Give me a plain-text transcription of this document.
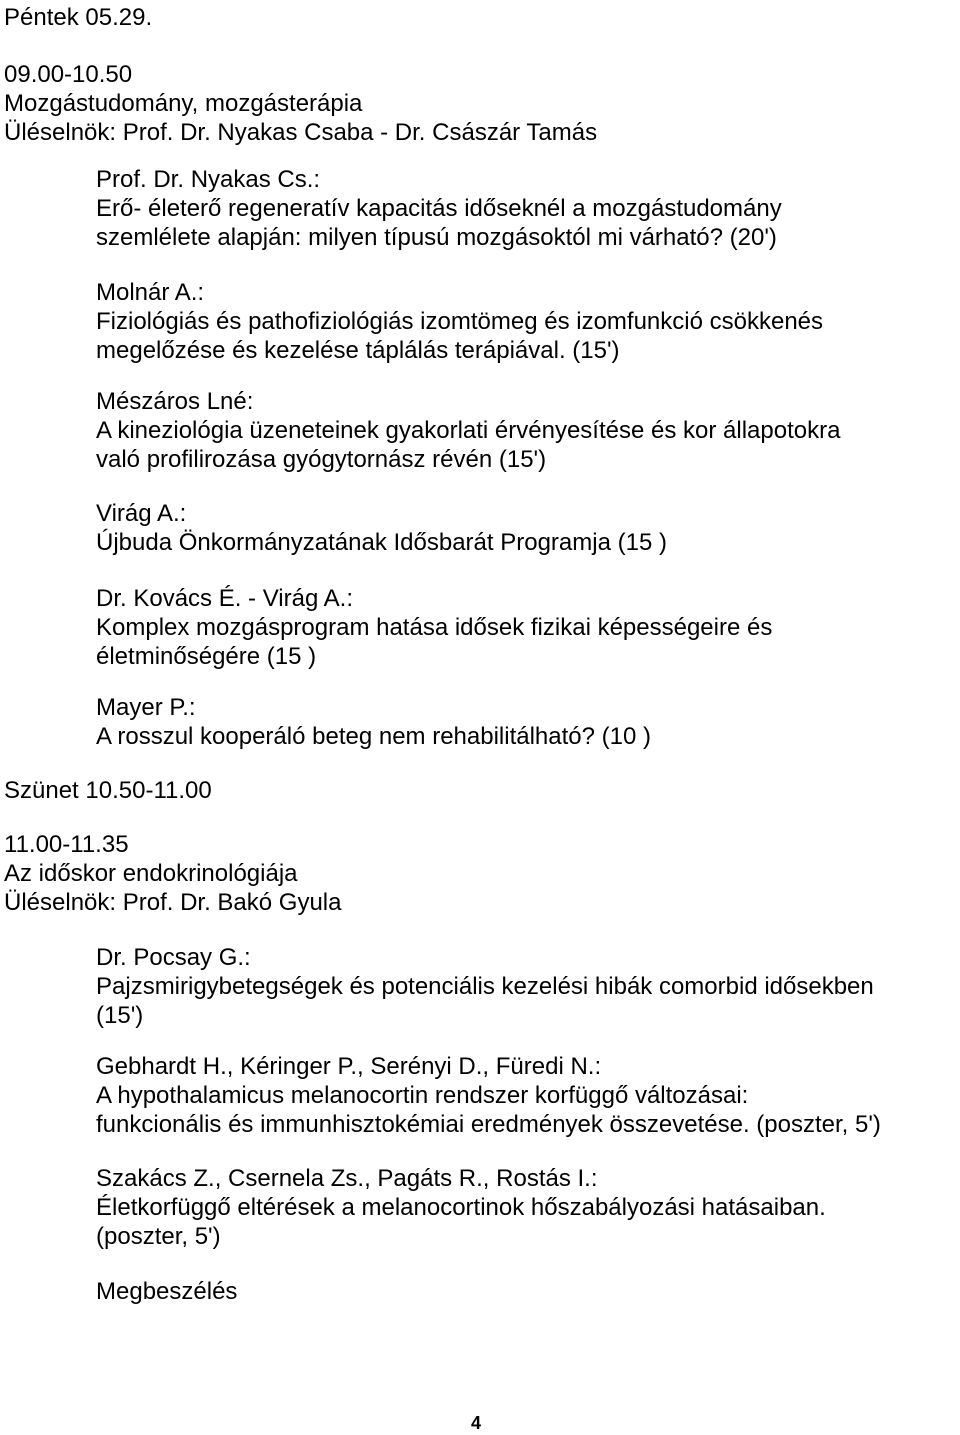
Péntek 05.29.
09.00-10.50
Mozgástudomány, mozgásterápia
Üléselnök: Prof. Dr. Nyakas Csaba - Dr. Császár Tamás
Prof. Dr. Nyakas Cs.:
Erő- életerő regeneratív kapacitás időseknél a mozgástudomány
szemlélete alapján: milyen típusú mozgásoktól mi várható? (20')
Molnár A.:
Fiziológiás és pathofiziológiás izomtömeg és izomfunkció csökkenés
megelőzése és kezelése táplálás terápiával. (15')
Mészáros Lné:
A kineziológia üzeneteinek gyakorlati érvényesítése és kor állapotokra
való profilirozása gyógytornász révén (15')
Virág A.:
Újbuda Önkormányzatának Idősbarát Programja (15 )
Dr. Kovács É. - Virág A.:
Komplex mozgásprogram hatása idősek fizikai képességeire és
életminőségére (15 )
Mayer P.:
A rosszul kooperáló beteg nem rehabilitálható? (10 )
Szünet 10.50-11.00
11.00-11.35
Az időskor endokrinológiája
Üléselnök: Prof. Dr. Bakó Gyula
Dr. Pocsay G.:
Pajzsmirigybetegségek és potenciális kezelési hibák comorbid idősekben
(15')
Gebhardt H., Kéringer P., Serényi D., Füredi N.:
A hypothalamicus melanocortin rendszer korfüggő változásai:
funkcionális és immunhisztokémiai eredmények összevetése. (poszter, 5')
Szakács Z., Csernela Zs., Pagáts R., Rostás I.:
Életkorfüggő eltérések a melanocortinok hőszabályozási hatásaiban.
(poszter, 5')
Megbeszélés
4
